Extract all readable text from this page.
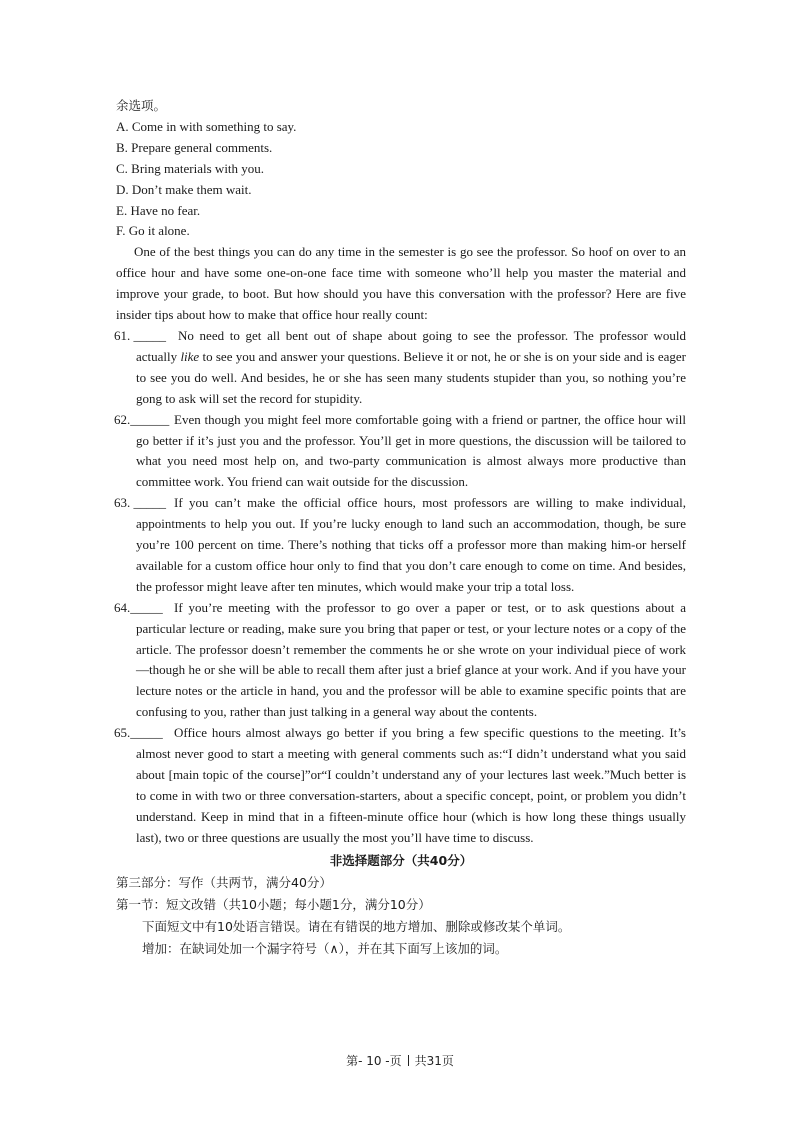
余选项。
A. Come in with something to say.
B. Prepare general comments.
C. Bring materials with you.
D. Don’t make them wait.
E. Have no fear.
F. Go it alone.

One of the best things you can do any time in the semester is go see the professor. So hoof on over to an office hour and have some one-on-one face time with someone who’ll help you master the material and improve your grade, to boot. But how should you have this conversation with the professor? Here are five insider tips about how to make that office hour really count:

61. _____ No need to get all bent out of shape about going to see the professor. The professor would actually like to see you and answer your questions. Believe it or not, he or she is on your side and is eager to see you do well. And besides, he or she has seen many students stupider than you, so nothing you’re gong to ask will set the record for stupidity.
62.______ Even though you might feel more comfortable going with a friend or partner, the office hour will go better if it’s just you and the professor. You’ll get in more questions, the discussion will be tailored to what you need most help on, and two-party communication is almost always more productive than committee work. You friend can wait outside for the discussion.
63. _____ If you can’t make the official office hours, most professors are willing to make individual, appointments to help you out. If you’re lucky enough to land such an accommodation, though, be sure you’re 100 percent on time. There’s nothing that ticks off a professor more than making him-or herself available for a custom office hour only to find that you don’t care enough to come on time. And besides, the professor might leave after ten minutes, which would make your trip a total loss.
64._____ If you’re meeting with the professor to go over a paper or test, or to ask questions about a particular lecture or reading, make sure you bring that paper or test, or your lecture notes or a copy of the article. The professor doesn’t remember the comments he or she wrote on your individual piece of work—though he or she will be able to recall them after just a brief glance at your work. And if you have your lecture notes or the article in hand, you and the professor will be able to examine specific points that are confusing to you, rather than just talking in a general way about the contents.
65._____ Office hours almost always go better if you bring a few specific questions to the meeting. It’s almost never good to start a meeting with general comments such as:“I didn’t understand what you said about [main topic of the course]”or“I couldn’t understand any of your lectures last week.”Much better is to come in with two or three conversation-starters, about a specific concept, point, or problem you didn’t understand. Keep in mind that in a fifteen-minute office hour (which is how long these things usually last), two or three questions are usually the most you’ll have time to discuss.
非选择题部分（共40分）
第三部分：写作（共两节，满分40分）
第一节：短文改错（共10小题；每小题1分，满分10分）
下面短文中有10处语言错误。请在有错误的地方增加、删除或修改某个单词。
增加：在缺词处加一个漏字符号（∧），并在其下面写上该加的词。
第- 10 -页 共31页
